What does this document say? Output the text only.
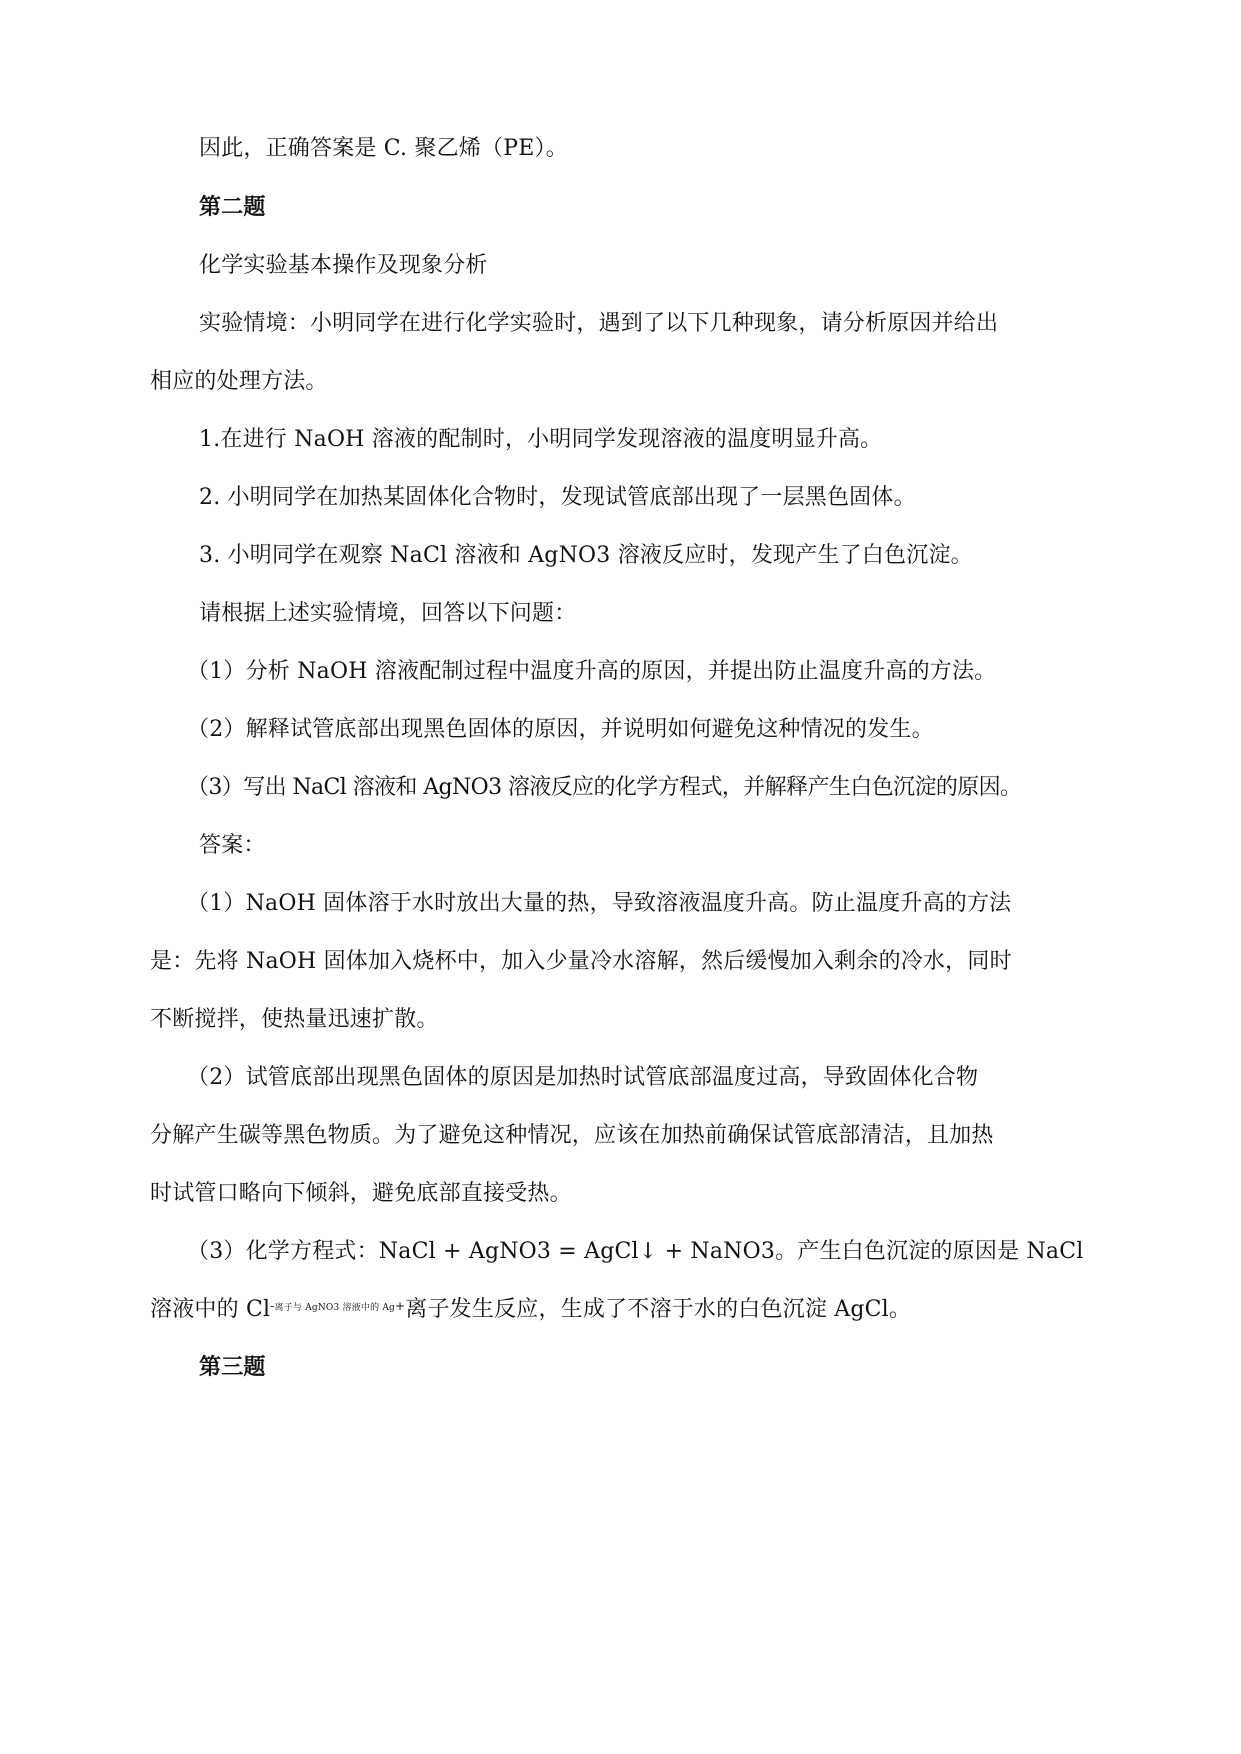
因此，正确答案是 C. 聚乙烯（PE）。
第二题
化学实验基本操作及现象分析
实验情境：小明同学在进行化学实验时，遇到了以下几种现象，请分析原因并给出
相应的处理方法。
1.在进行 NaOH 溶液的配制时，小明同学发现溶液的温度明显升高。
2. 小明同学在加热某固体化合物时，发现试管底部出现了一层黑色固体。
3. 小明同学在观察 NaCl 溶液和 AgNO3 溶液反应时，发现产生了白色沉淀。
请根据上述实验情境，回答以下问题：
（1）分析 NaOH 溶液配制过程中温度升高的原因，并提出防止温度升高的方法。
（2）解释试管底部出现黑色固体的原因，并说明如何避免这种情况的发生。
（3）写出 NaCl 溶液和 AgNO3 溶液反应的化学方程式，并解释产生白色沉淀的原因。
答案：
（1）NaOH 固体溶于水时放出大量的热，导致溶液温度升高。防止温度升高的方法
是：先将 NaOH 固体加入烧杯中，加入少量冷水溶解，然后缓慢加入剩余的冷水，同时
不断搅拌，使热量迅速扩散。
（2）试管底部出现黑色固体的原因是加热时试管底部温度过高，导致固体化合物
分解产生碳等黑色物质。为了避免这种情况，应该在加热前确保试管底部清洁，且加热
时试管口略向下倾斜，避免底部直接受热。
（3）化学方程式：NaCl + AgNO3 = AgCl↓ + NaNO3。产生白色沉淀的原因是 NaCl
溶液中的 $Cl^{-离子与 AgNO3 溶液中的 Ag+}$离子发生反应，生成了不溶于水的白色沉淀 AgCl。
第三题
